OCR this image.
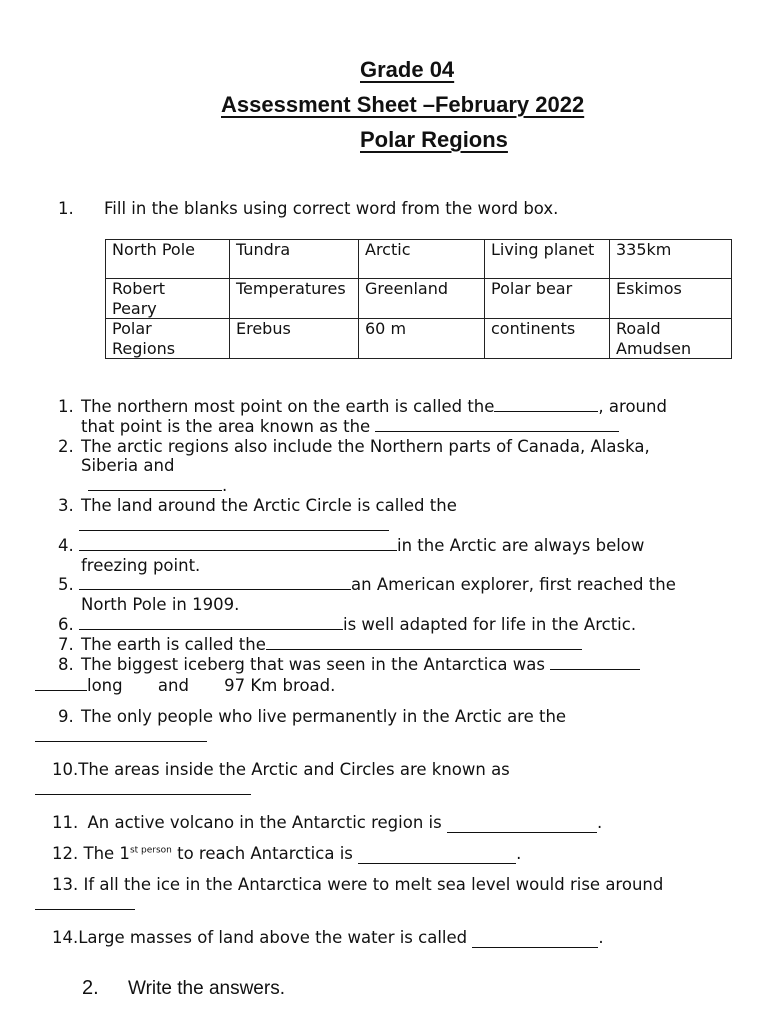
Grade 04
Assessment Sheet –February 2022
Polar Regions
1. Fill in the blanks using correct word from the word box.
North Pole	Tundra	Arctic	Living planet	335km

Robert Peary	Temperatures	Greenland	Polar bear	Eskimos

Polar Regions	Erebus	60 m	continents	Roald Amudsen
1. The northern most point on the earth is called the	, around
that point is the area known as the
2. The arctic regions also include the Northern parts of Canada, Alaska,
Siberia and
.
3. The land around the Arctic Circle is called the
4.	in the Arctic are always below
freezing point.
5.	an American explorer, first reached the
North Pole in 1909.
6.	is well adapted for life in the Arctic.
7. The earth is called the
8. The biggest iceberg that was seen in the Antarctica was
long and 97 Km broad.
9. The only people who live permanently in the Arctic are the
10.The areas inside the Arctic and Circles are known as
11. An active volcano in the Antarctic region is	.
12. The $1^{st person}$ to reach Antarctica is	.
13. If all the ice in the Antarctica were to melt sea level would rise around
14.Large masses of land above the water is called	.
2. Write the answers.
